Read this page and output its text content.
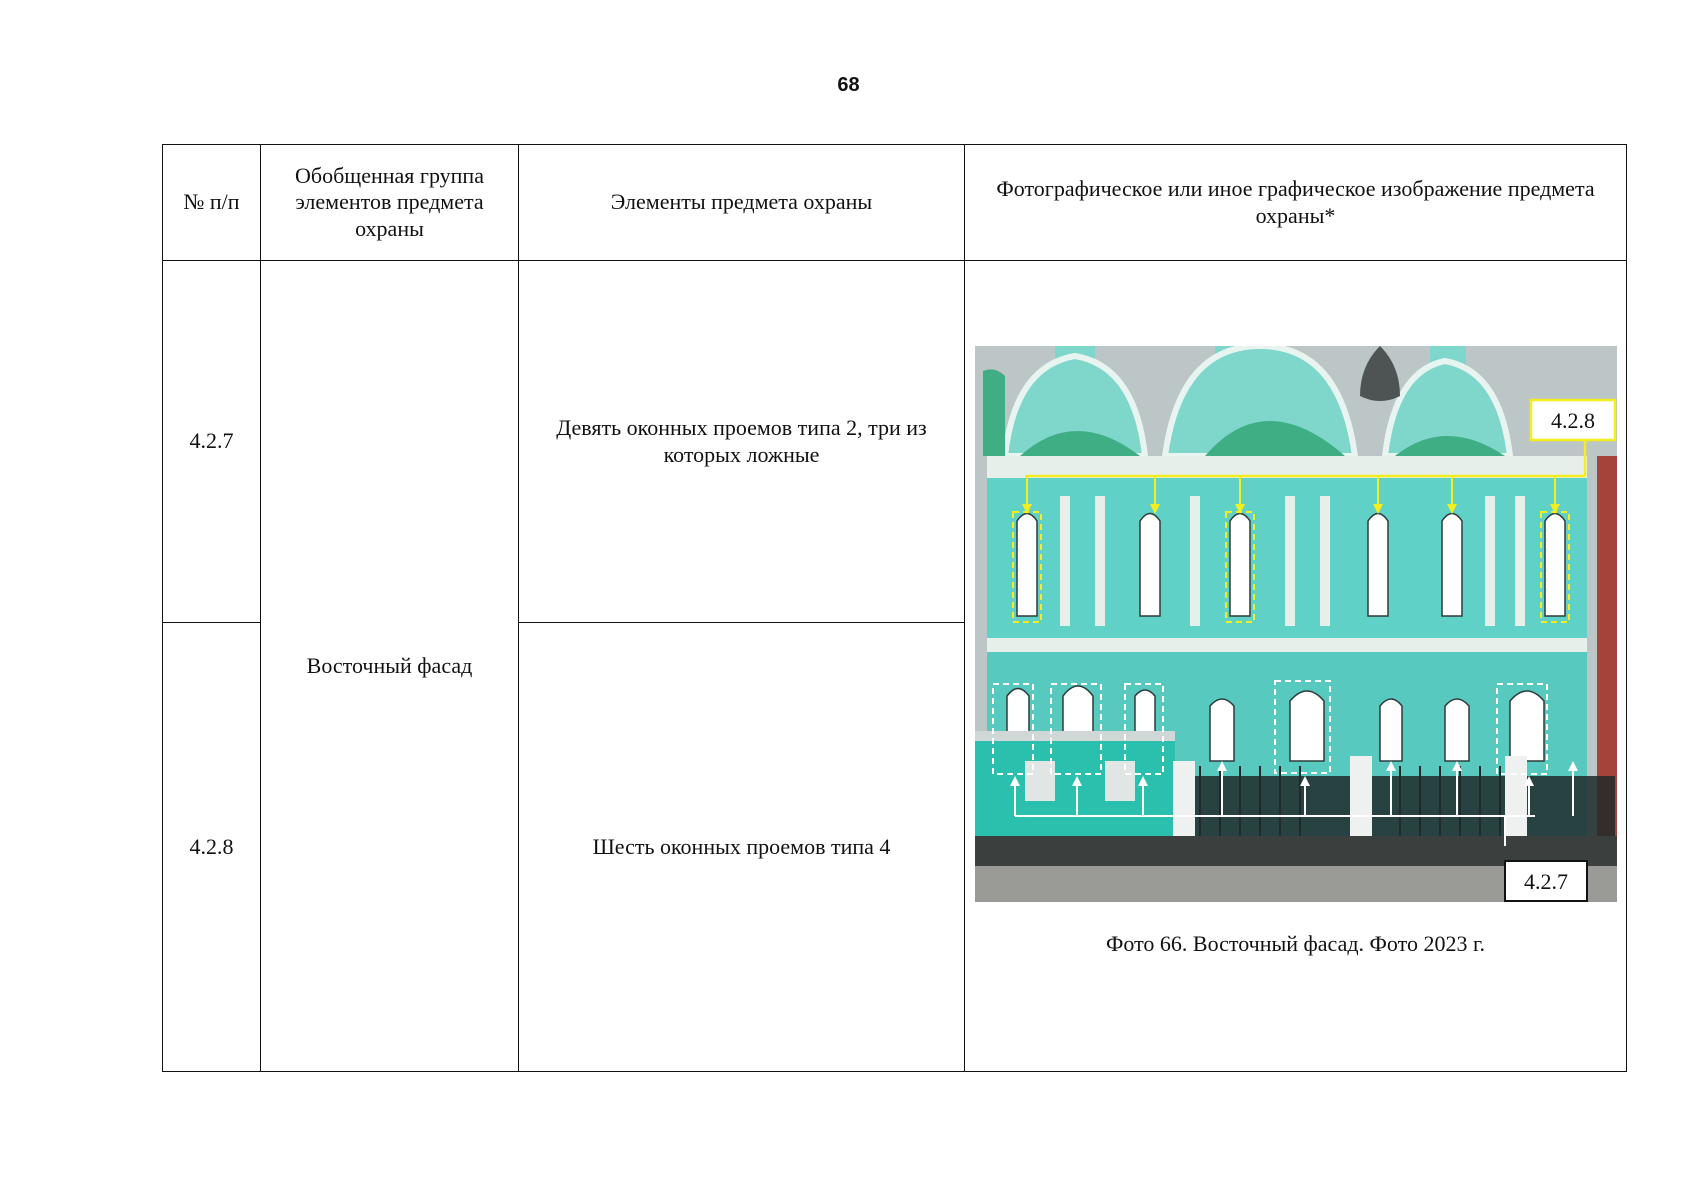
68
№ п/п	Обобщенная группа элементов предмета охраны	Элементы предмета охраны	Фотографическое или иное графическое изображение предмета охраны*
4.2.7	Восточный фасад	Девять оконных проемов типа 2, три из которых ложные	4.2.8
4.2.7
Фото 66. Восточный фасад. Фото 2023 г.

4.2.8		Шесть оконных проемов типа 4	
